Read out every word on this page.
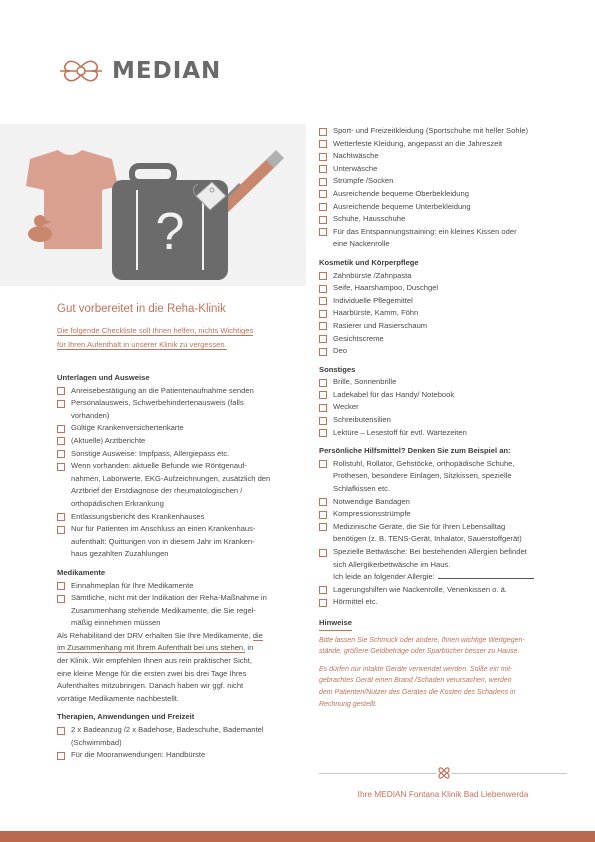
MEDIAN
?
Gut vorbereitet in die Reha-Klinik
Die folgende Checkliste soll Ihnen helfen, nichts Wichtiges
für Ihren Aufenthalt in unserer Klinik zu vergessen.
Unterlagen und Ausweise
Anreisebestätigung an die Patientenaufnahme senden
Personalausweis, Schwerbehindertenausweis (falls
vorhanden)
Gültige Krankenversichertenkarte
(Aktuelle) Arztberichte
Sonstige Ausweise: Impfpass, Allergiepass etc.
Wenn vorhanden: aktuelle Befunde wie Röntgenauf-
nahmen, Laborwerte, EKG-Aufzeichnungen, zusätzlich den
Arztbrief der Erstdiagnose der rheumatologischen /
orthopädischen Erkrankung
Entlassungsbericht des Krankenhauses
Nur für Patienten im Anschluss an einen Krankenhaus-
aufenthalt: Quittungen von in diesem Jahr im Kranken-
haus gezahlten Zuzahlungen
Medikamente
Einnahmeplan für Ihre Medikamente
Sämtliche, nicht mit der Indikation der Reha-Maßnahme in
Zusammenhang stehende Medikamente, die Sie regel-
mäßig einnehmen müssen
Als Rehabilitand der DRV erhalten Sie Ihre Medikamente, die
im Zusammenhang mit Ihrem Aufenthalt bei uns stehen, in
der Klinik. Wir empfehlen Ihnen aus rein praktischer Sicht,
eine kleine Menge für die ersten zwei bis drei Tage Ihres
Aufenthaltes mitzubringen. Danach haben wir ggf. nicht
vorrätige Medikamente nachbestellt.
Therapien, Anwendungen und Freizeit
2 x Badeanzug /2 x Badehose, Badeschuhe, Bademantel
(Schwimmbad)
Für die Mooranwendungen: Handbürste
Sport- und Freizeitkleidung (Sportschuhe mit heller Sohle)
Wetterfeste Kleidung, angepasst an die Jahreszeit
Nachtwäsche
Unterwäsche
Strümpfe /Socken
Ausreichende bequeme Oberbekleidung
Ausreichende bequeme Unterbekleidung
Schuhe, Hausschuhe
Für das Entspannungstraining: ein kleines Kissen oder
eine Nackenrolle
Kosmetik und Körperpflege
Zahnbürste /Zahnpasta
Seife, Haarshampoo, Duschgel
Individuelle Pflegemittel
Haarbürste, Kamm, Föhn
Rasierer und Rasierschaum
Gesichtscreme
Deo
Sonstiges
Brille, Sonnenbrille
Ladekabel für das Handy/ Notebook
Wecker
Schreibutensilien
Lektüre – Lesestoff für evtl. Wartezeiten
Persönliche Hilfsmittel? Denken Sie zum Beispiel an:
Rollstuhl, Rollator, Gehstöcke, orthopädische Schuhe,
Prothesen, besondere Einlagen, Sitzkissen, spezielle
Schlafkissen etc.
Notwendige Bandagen
Kompressionsstrümpfe
Medizinische Geräte, die Sie für Ihren Lebensalltag
benötigen (z. B. TENS-Gerät, Inhalator, Sauerstoffgerät)
Spezielle Bettwäsche: Bei bestehenden Allergien befindet
sich Allergikerbettwäsche im Haus.
Ich leide an folgender Allergie:
Lagerungshilfen wie Nackenrolle, Venenkissen o. ä.
Hörmittel etc.
Hinweise
Bitte lassen Sie Schmuck oder andere, Ihnen wichtige Wertgegen-
stände, größere Geldbeträge oder Sparbücher besser zu Hause.
Es dürfen nur intakte Geräte verwendet werden. Sollte ein mit-
gebrachtes Gerät einen Brand /Schaden verursachen, werden
dem Patienten/Nutzer des Gerätes die Kosten des Schadens in
Rechnung gestellt.
Ihre MEDIAN Fontana Klinik Bad Liebenwerda
